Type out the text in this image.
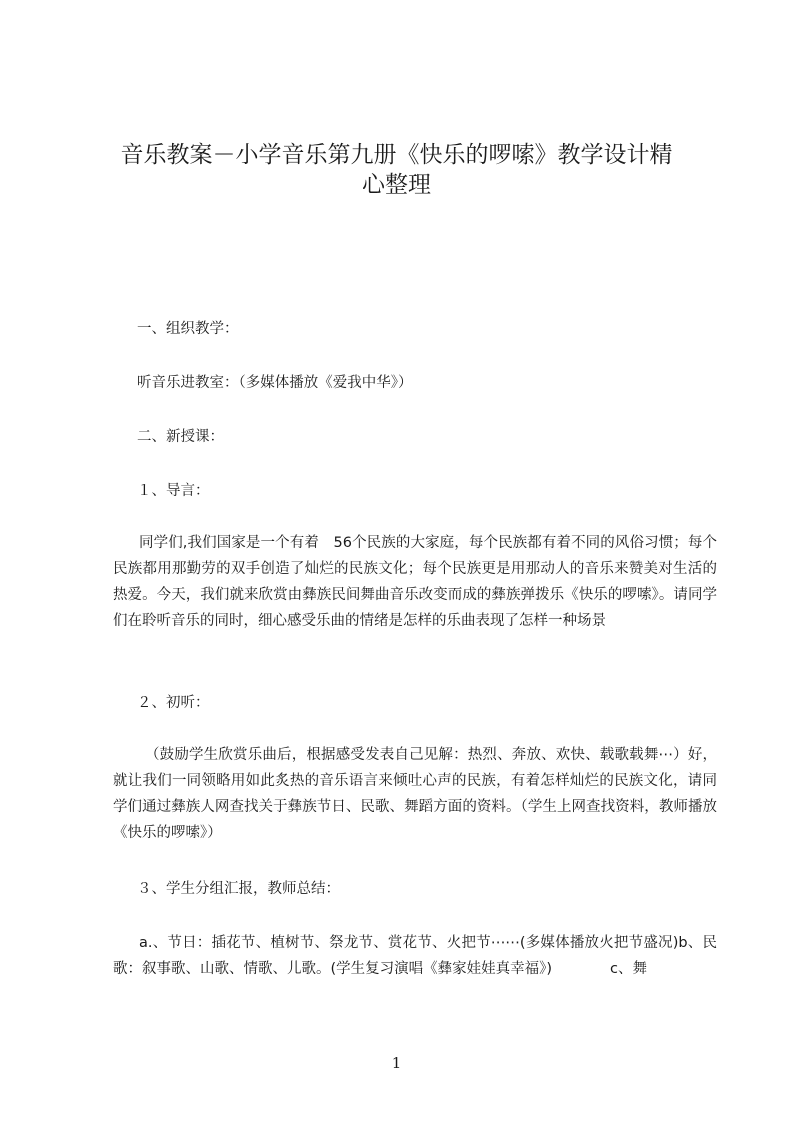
音乐教案－小学音乐第九册《快乐的啰嗦》教学设计精
心整理

一、组织教学：

听音乐进教室：（多媒体播放《爱我中华》）

二、新授课：

１、导言：

同学们,我们国家是一个有着　56个民族的大家庭，每个民族都有着不同的风俗习惯；每个民族都用那勤劳的双手创造了灿烂的民族文化；每个民族更是用那动人的音乐来赞美对生活的热爱。今天，我们就来欣赏由彝族民间舞曲音乐改变而成的彝族弹拨乐《快乐的啰嗦》。请同学们在聆听音乐的同时，细心感受乐曲的情绪是怎样的乐曲表现了怎样一种场景

２、初听：

（鼓励学生欣赏乐曲后，根据感受发表自己见解：热烈、奔放、欢快、载歌载舞⋯）好，就让我们一同领略用如此炙热的音乐语言来倾吐心声的民族，有着怎样灿烂的民族文化，请同学们通过彝族人网查找关于彝族节日、民歌、舞蹈方面的资料。（学生上网查找资料，教师播放《快乐的啰嗦》）

３、学生分组汇报，教师总结：

a.、节日：插花节、植树节、祭龙节、赏花节、火把节⋯⋯(多媒体播放火把节盛况)b、民歌：叙事歌、山歌、情歌、儿歌。(学生复习演唱《彝家娃娃真幸福》)　　　　c、舞

1
